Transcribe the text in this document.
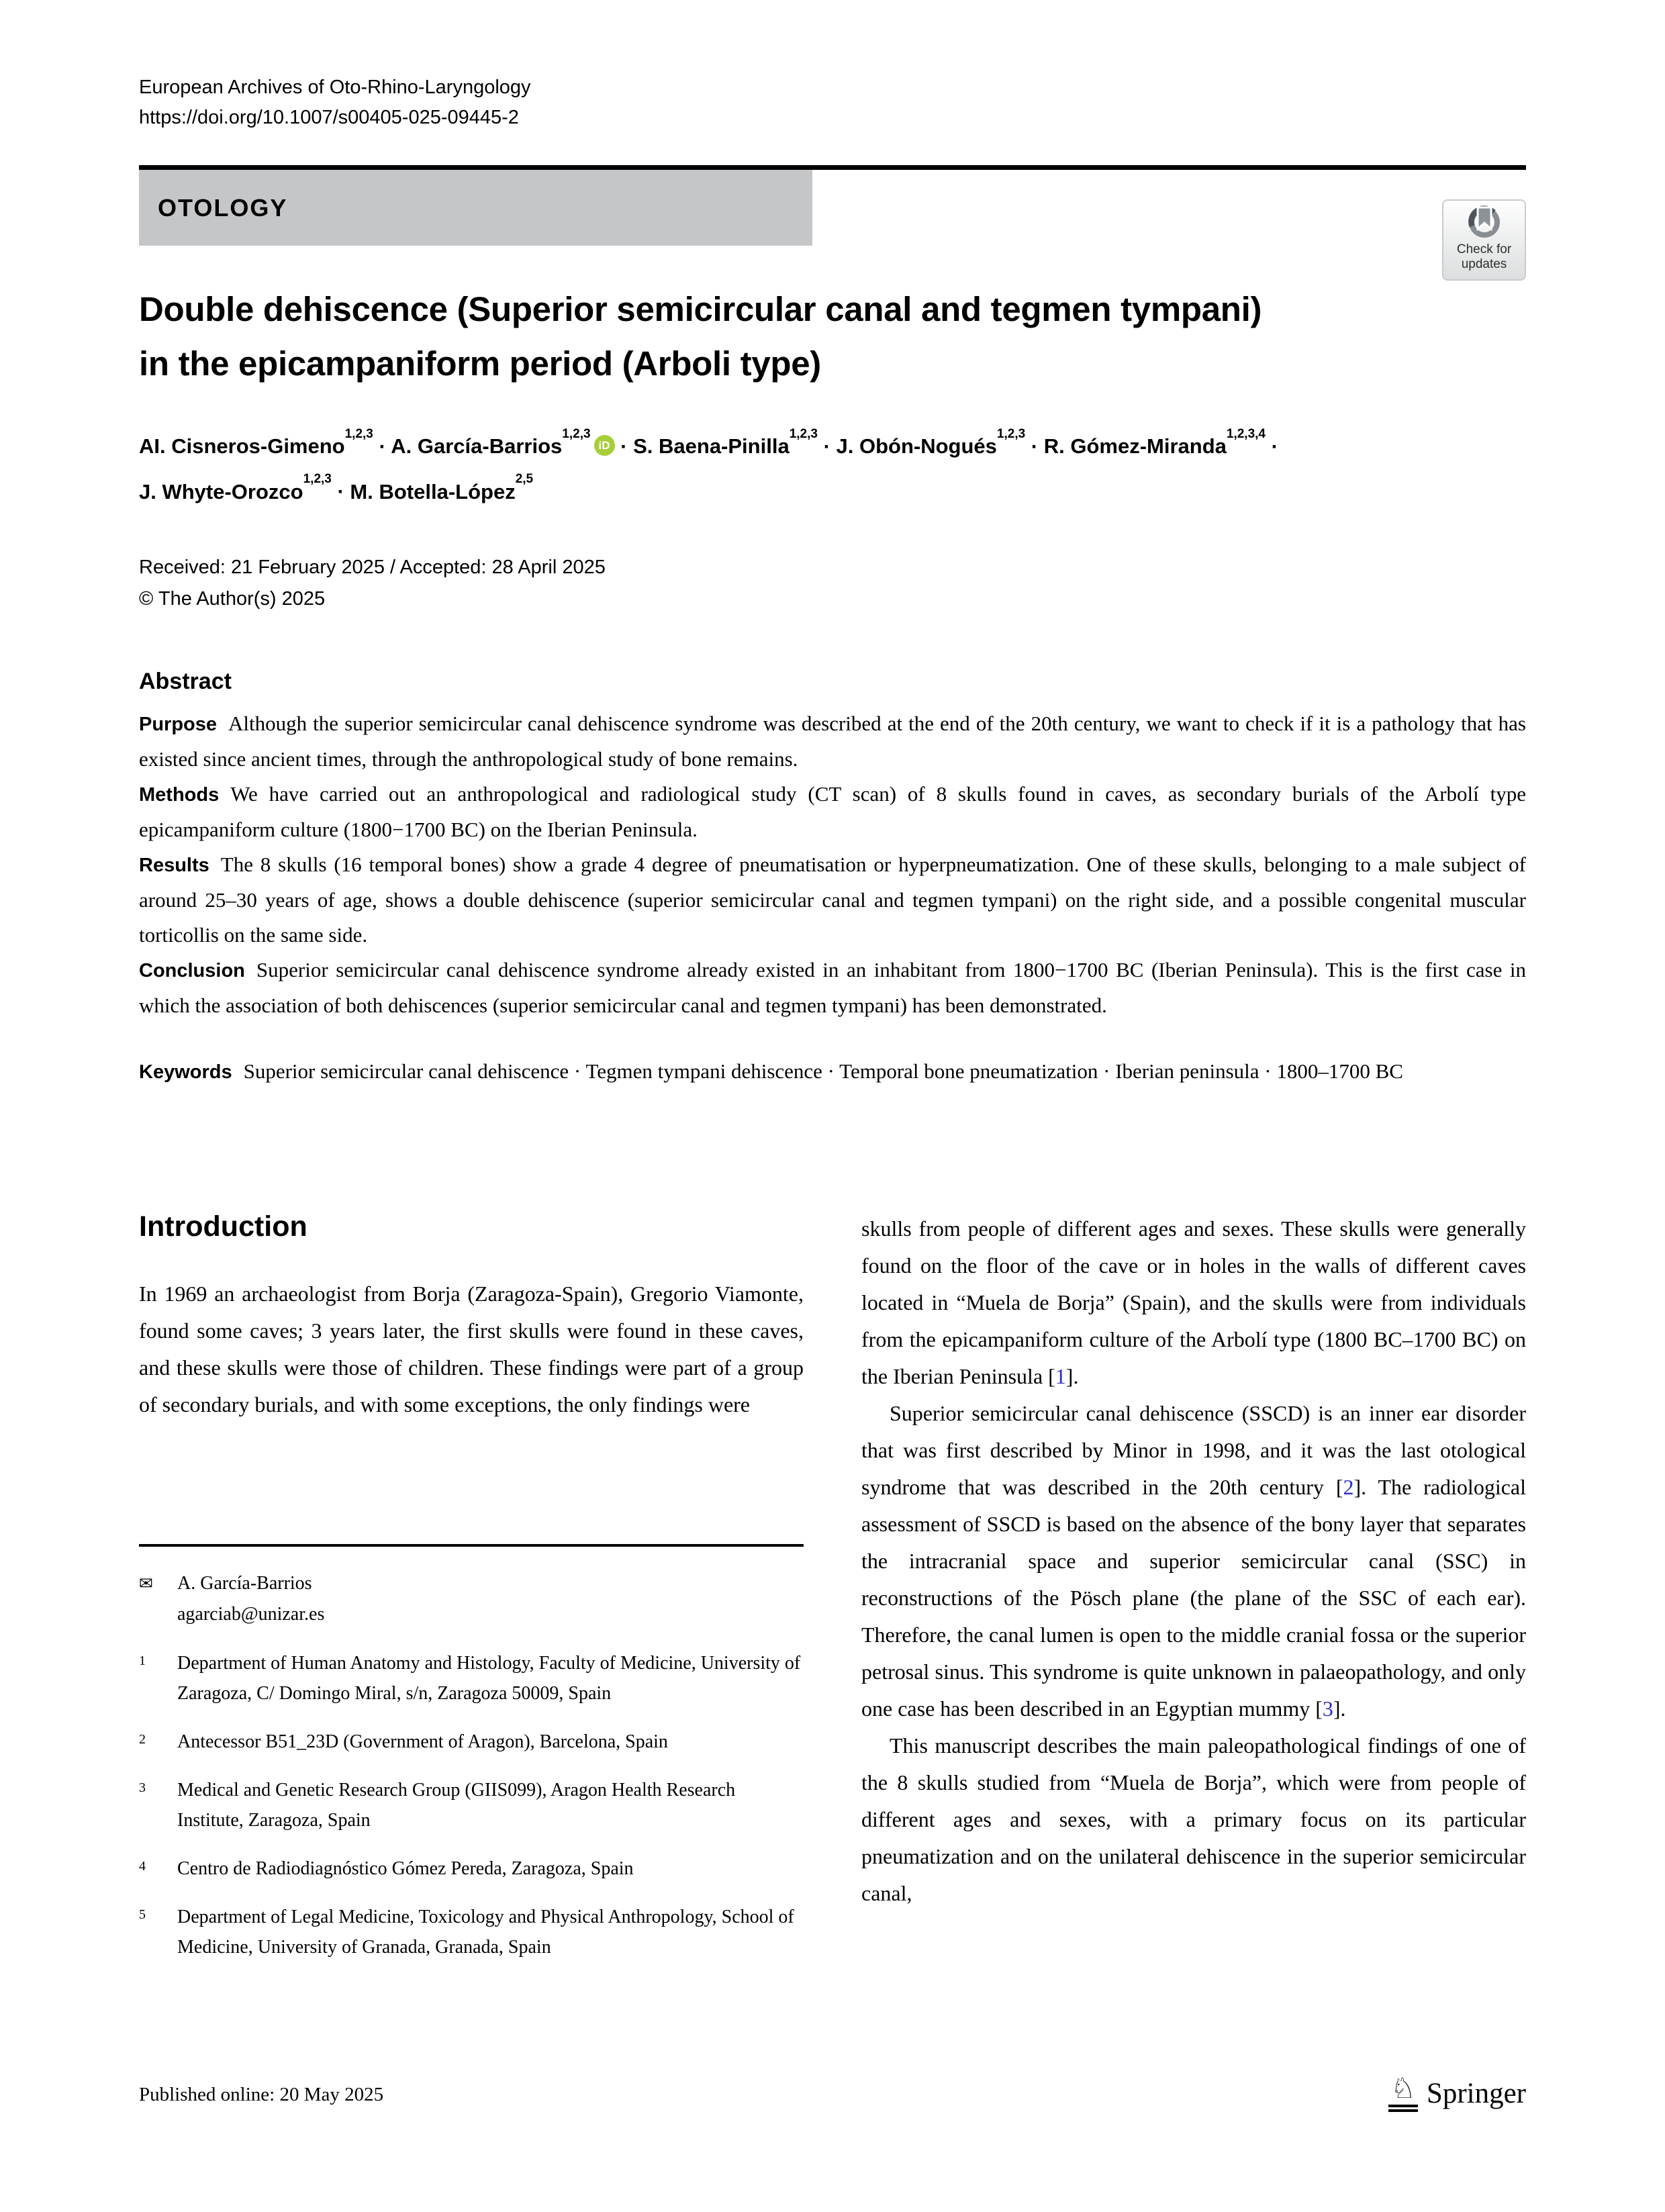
European Archives of Oto-Rhino-Laryngology
https://doi.org/10.1007/s00405-025-09445-2
OTOLOGY
Check for
updates
Double dehiscence (Superior semicircular canal and tegmen tympani)
in the epicampaniform period (Arboli type)
AI. Cisneros-Gimeno$^{1,2,3}$ · A. García-Barrios$^{1,2,3}$iD · S. Baena-Pinilla$^{1,2,3}$ · J. Obón-Nogués$^{1,2,3}$ · R. Gómez-Miranda$^{1,2,3,4}$ ·
J. Whyte-Orozco$^{1,2,3}$ · M. Botella-López$^{2,5}$
Received: 21 February 2025 / Accepted: 28 April 2025
© The Author(s) 2025
Abstract

Purpose Although the superior semicircular canal dehiscence syndrome was described at the end of the 20th century, we want to check if it is a pathology that has existed since ancient times, through the anthropological study of bone remains.

Methods We have carried out an anthropological and radiological study (CT scan) of 8 skulls found in caves, as secondary burials of the Arbolí type epicampaniform culture (1800−1700 BC) on the Iberian Peninsula.

Results The 8 skulls (16 temporal bones) show a grade 4 degree of pneumatisation or hyperpneumatization. One of these skulls, belonging to a male subject of around 25–30 years of age, shows a double dehiscence (superior semicircular canal and tegmen tympani) on the right side, and a possible congenital muscular torticollis on the same side.

Conclusion Superior semicircular canal dehiscence syndrome already existed in an inhabitant from 1800−1700 BC (Iberian Peninsula). This is the first case in which the association of both dehiscences (superior semicircular canal and tegmen tympani) has been demonstrated.

Keywords Superior semicircular canal dehiscence · Tegmen tympani dehiscence · Temporal bone pneumatization · Iberian peninsula · 1800–1700 BC

Introduction

In 1969 an archaeologist from Borja (Zaragoza-Spain), Gregorio Viamonte, found some caves; 3 years later, the first skulls were found in these caves, and these skulls were those of children. These findings were part of a group of secondary burials, and with some exceptions, the only findings were

✉	A. García-Barrios
agarciab@unizar.es
1	Department of Human Anatomy and Histology, Faculty of Medicine, University of Zaragoza, C/ Domingo Miral, s/n, Zaragoza 50009, Spain
2	Antecessor B51_23D (Government of Aragon), Barcelona, Spain
3	Medical and Genetic Research Group (GIIS099), Aragon Health Research Institute, Zaragoza, Spain
4	Centro de Radiodiagnóstico Gómez Pereda, Zaragoza, Spain
5	Department of Legal Medicine, Toxicology and Physical Anthropology, School of Medicine, University of Granada, Granada, Spain

skulls from people of different ages and sexes. These skulls were generally found on the floor of the cave or in holes in the walls of different caves located in “Muela de Borja” (Spain), and the skulls were from individuals from the epicampaniform culture of the Arbolí type (1800 BC–1700 BC) on the Iberian Peninsula [1].

Superior semicircular canal dehiscence (SSCD) is an inner ear disorder that was first described by Minor in 1998, and it was the last otological syndrome that was described in the 20th century [2]. The radiological assessment of SSCD is based on the absence of the bony layer that separates the intracranial space and superior semicircular canal (SSC) in reconstructions of the Pösch plane (the plane of the SSC of each ear). Therefore, the canal lumen is open to the middle cranial fossa or the superior petrosal sinus. This syndrome is quite unknown in palaeopathology, and only one case has been described in an Egyptian mummy [3].

This manuscript describes the main paleopathological findings of one of the 8 skulls studied from “Muela de Borja”, which were from people of different ages and sexes, with a primary focus on its particular pneumatization and on the unilateral dehiscence in the superior semicircular canal,

Published online: 20 May 2025	♘ Springer
